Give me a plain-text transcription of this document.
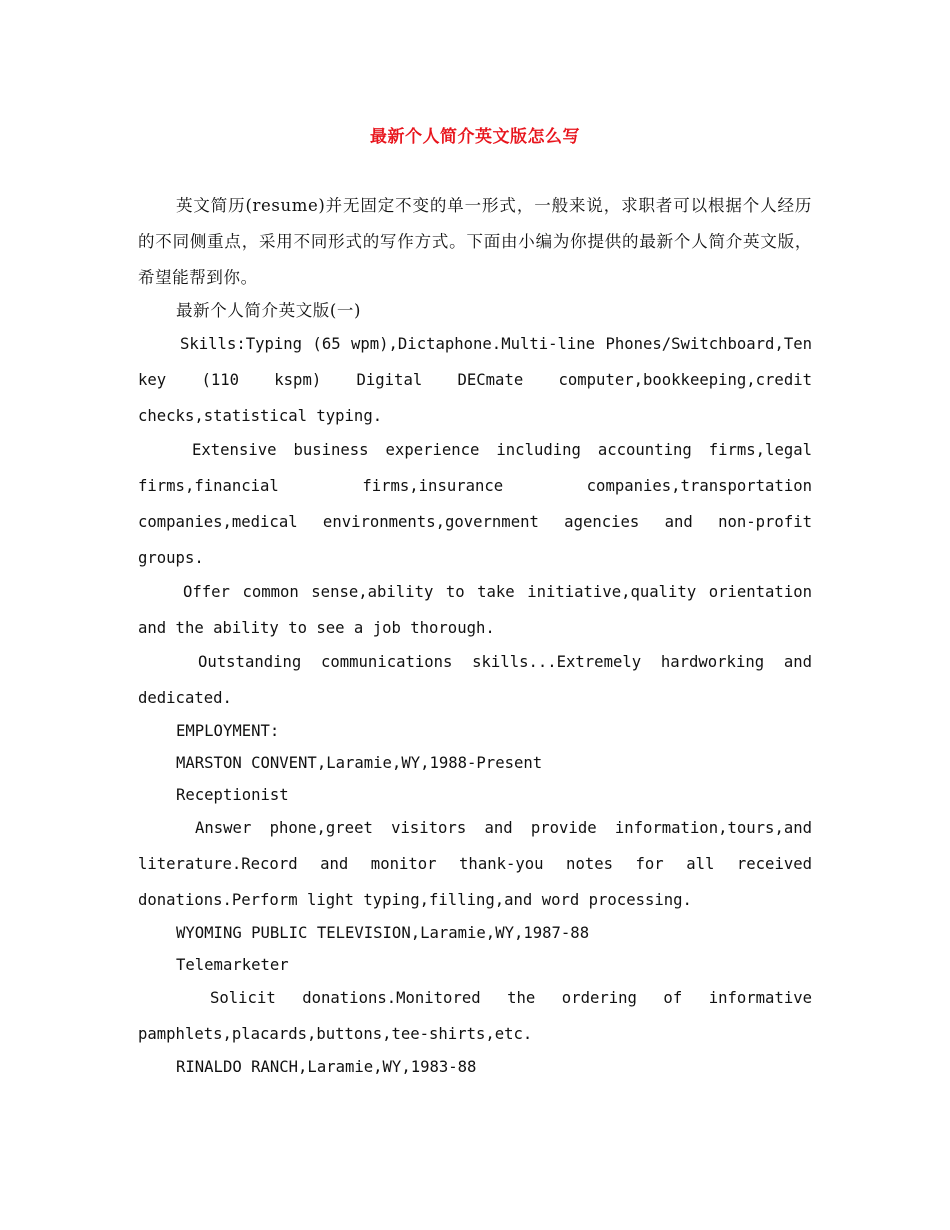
最新个人简介英文版怎么写

英文简历(resume)并无固定不变的单一形式，一般来说，求职者可以根据个人经历的不同侧重点，采用不同形式的写作方式。下面由小编为你提供的最新个人简介英文版，希望能帮到你。

最新个人简介英文版(一)

Skills:Typing (65 wpm),Dictaphone.Multi-line Phones/Switchboard,Ten key (110 kspm) Digital DECmate computer,bookkeeping,credit checks,statistical typing.

Extensive business experience including accounting firms,legal firms,financial firms,insurance companies,transportation companies,medical environments,government agencies and non-profit groups.

Offer common sense,ability to take initiative,quality orientation and the ability to see a job thorough.

Outstanding communications skills...Extremely hardworking and dedicated.

EMPLOYMENT:

MARSTON CONVENT,Laramie,WY,1988-Present

Receptionist

Answer phone,greet visitors and provide information,tours,and literature.Record and monitor thank-you notes for all received donations.Perform light typing,filling,and word processing.

WYOMING PUBLIC TELEVISION,Laramie,WY,1987-88

Telemarketer

Solicit donations.Monitored the ordering of informative pamphlets,placards,buttons,tee-shirts,etc.

RINALDO RANCH,Laramie,WY,1983-88
